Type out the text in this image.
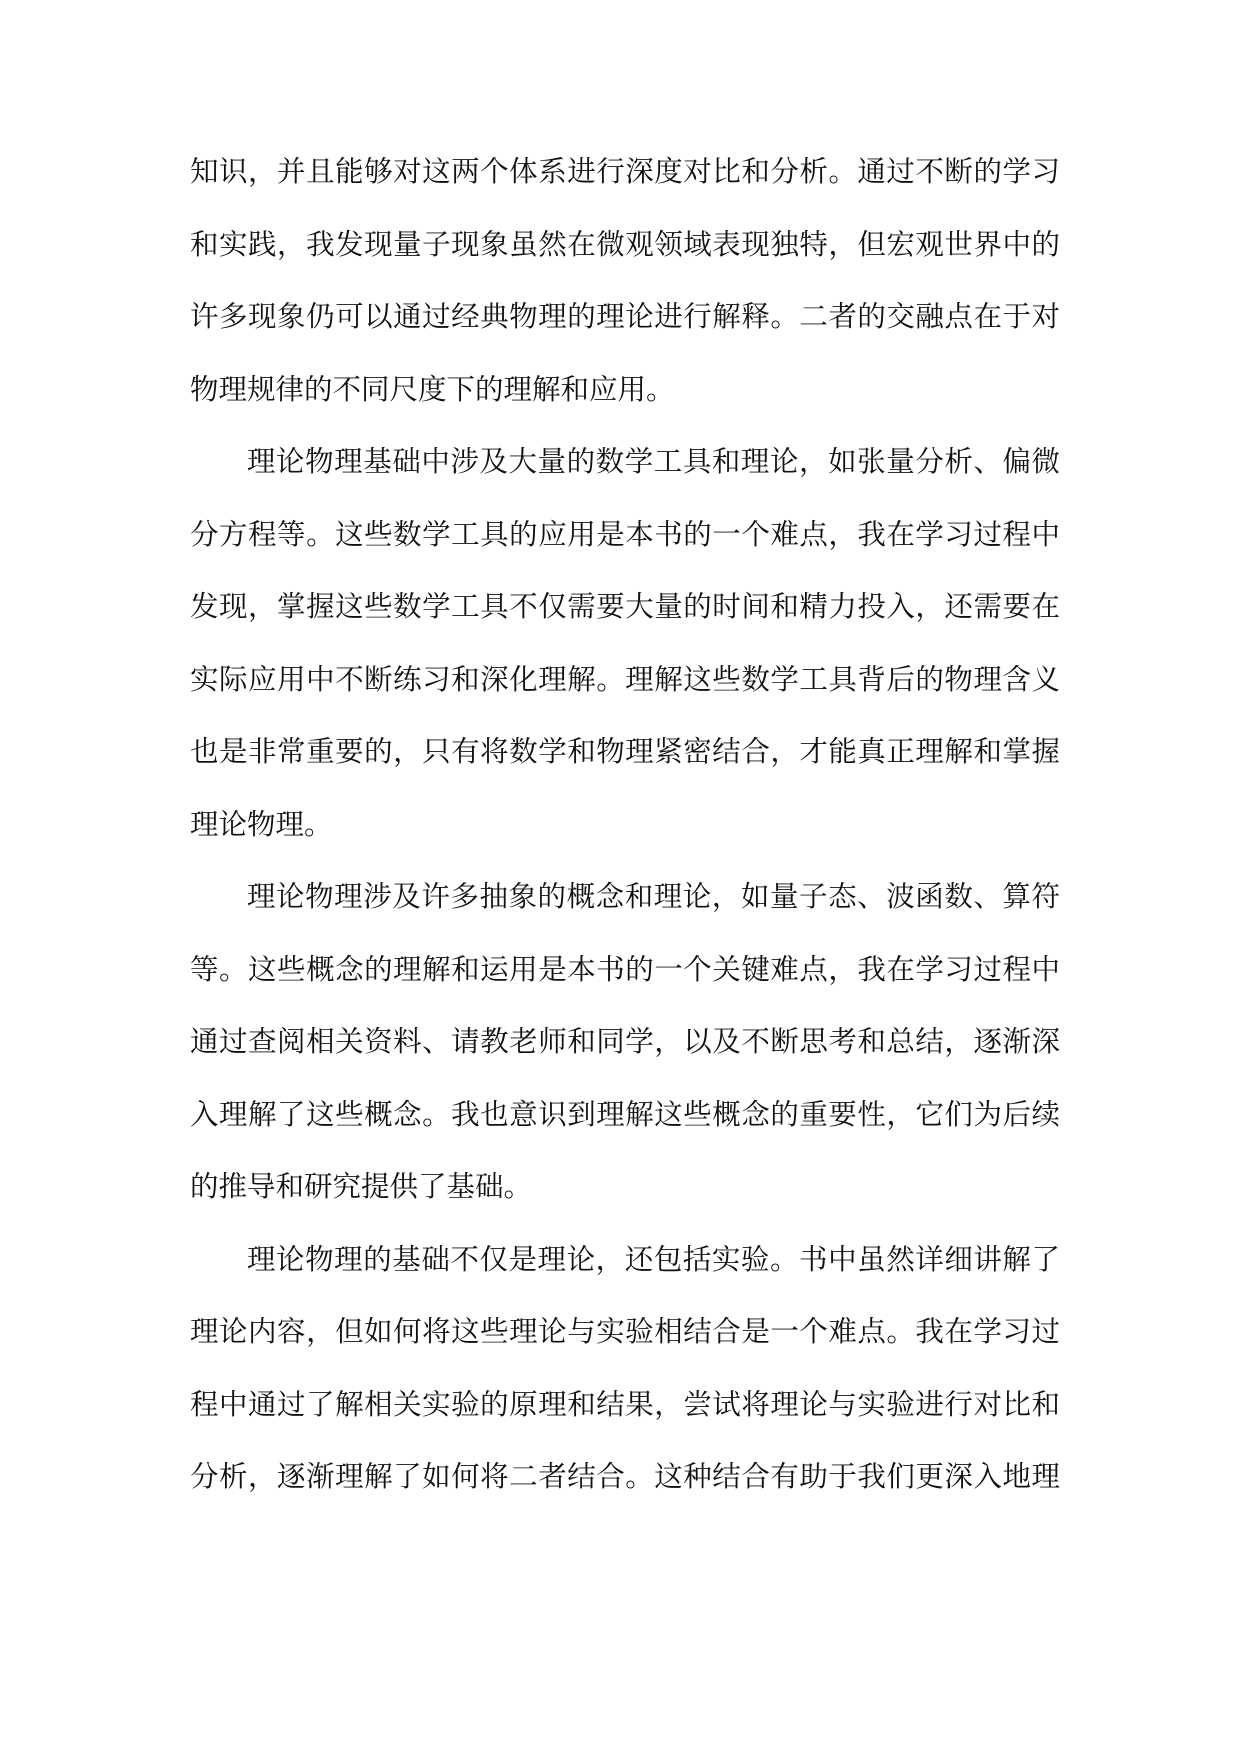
知识，并且能够对这两个体系进行深度对比和分析。通过不断的学习
和实践，我发现量子现象虽然在微观领域表现独特，但宏观世界中的
许多现象仍可以通过经典物理的理论进行解释。二者的交融点在于对
物理规律的不同尺度下的理解和应用。
理论物理基础中涉及大量的数学工具和理论，如张量分析、偏微
分方程等。这些数学工具的应用是本书的一个难点，我在学习过程中
发现，掌握这些数学工具不仅需要大量的时间和精力投入，还需要在
实际应用中不断练习和深化理解。理解这些数学工具背后的物理含义
也是非常重要的，只有将数学和物理紧密结合，才能真正理解和掌握
理论物理。
理论物理涉及许多抽象的概念和理论，如量子态、波函数、算符
等。这些概念的理解和运用是本书的一个关键难点，我在学习过程中
通过查阅相关资料、请教老师和同学，以及不断思考和总结，逐渐深
入理解了这些概念。我也意识到理解这些概念的重要性，它们为后续
的推导和研究提供了基础。
理论物理的基础不仅是理论，还包括实验。书中虽然详细讲解了
理论内容，但如何将这些理论与实验相结合是一个难点。我在学习过
程中通过了解相关实验的原理和结果，尝试将理论与实验进行对比和
分析，逐渐理解了如何将二者结合。这种结合有助于我们更深入地理
